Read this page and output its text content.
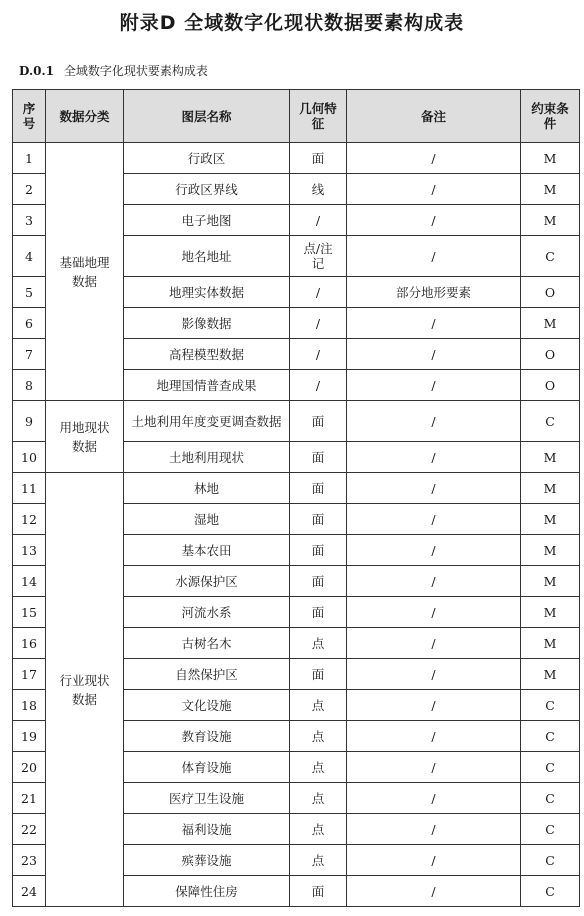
附录D 全域数字化现状数据要素构成表
D.0.1 全域数字化现状要素构成表
序号	数据分类	图层名称	几何特征	备注	约束条件
1	基础地理数据	行政区	面	/	M
2		行政区界线	线	/	M
3		电子地图	/	/	M
4		地名地址	点/注记	/	C
5		地理实体数据	/	部分地形要素	O
6		影像数据	/	/	M
7		高程模型数据	/	/	O
8		地理国情普查成果	/	/	O
9	用地现状数据	土地利用年度变更调查数据	面	/	C
10		土地利用现状	面	/	M
11	行业现状数据	林地	面	/	M
12		湿地	面	/	M
13		基本农田	面	/	M
14		水源保护区	面	/	M
15		河流水系	面	/	M
16		古树名木	点	/	M
17		自然保护区	面	/	M
18		文化设施	点	/	C
19		教育设施	点	/	C
20		体育设施	点	/	C
21		医疗卫生设施	点	/	C
22		福利设施	点	/	C
23		殡葬设施	点	/	C
24		保障性住房	面	/	C
